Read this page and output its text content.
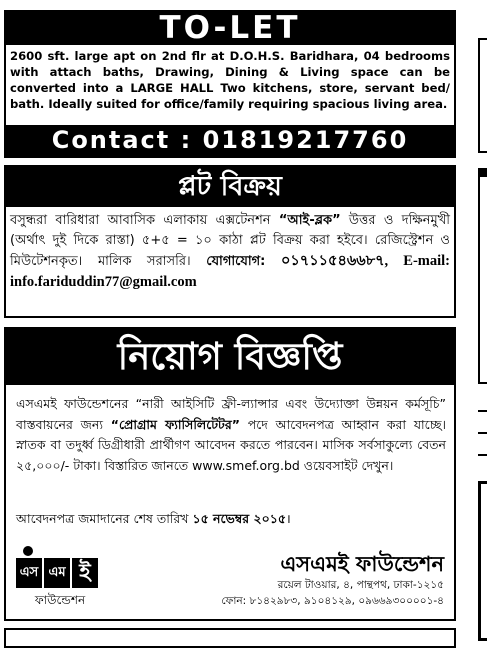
TO-LET
2600 sft. large apt on 2nd flr at D.O.H.S. Baridhara, 04 bedrooms with attach baths, Drawing, Dining & Living space can be converted into a LARGE HALL Two kitchens, store, servant bed/ bath. Ideally suited for office/family requiring spacious living area.
Contact : 01819217760
প্লট বিক্রয়
বসুন্ধরা বারিধারা আবাসিক এলাকায় এক্সটেনশন “আই-ব্লক” উত্তর ও দক্ষিনমুখী (অর্থাৎ দুই দিকে রাস্তা) ৫+৫ = ১০ কাঠা প্লট বিক্রয় করা হইবে। রেজিস্ট্রেশন ও মিউটেশনকৃত। মালিক সরাসরি। যোগাযোগ: ০১৭১১৫৪৬৬৮৭, E-mail: info.fariduddin77@gmail.com
নিয়োগ বিজ্ঞপ্তি
এসএমই ফাউন্ডেশনের “নারী আইসিটি ফ্রী-ল্যান্সার এবং উদ্যোক্তা উন্নয়ন কর্মসূচি” বাস্তবায়নের জন্য “প্রোগ্রাম ফ্যাসিলিটেটর” পদে আবেদনপত্র আহ্বান করা যাচ্ছে। স্নাতক বা তদুর্ধ্ব ডিগ্রীধারী প্রার্থীগণ আবেদন করতে পারবেন। মাসিক সর্বসাকুল্যে বেতন ২৫,০০০/- টাকা। বিস্তারিত জানতে www.smef.org.bd ওয়েবসাইট দেখুন।
আবেদনপত্র জমাদানের শেষ তারিখ ১৫ নভেম্বর ২০১৫।
এস এম ই
ফাউন্ডেশন
এসএমই ফাউন্ডেশন
রয়েল টাওয়ার, ৪, পান্থপথ, ঢাকা-১২১৫
ফোন: ৮১৪২৯৮৩, ৯১০৪১২৯, ০৯৬৬৯৩০০০০১-৪
